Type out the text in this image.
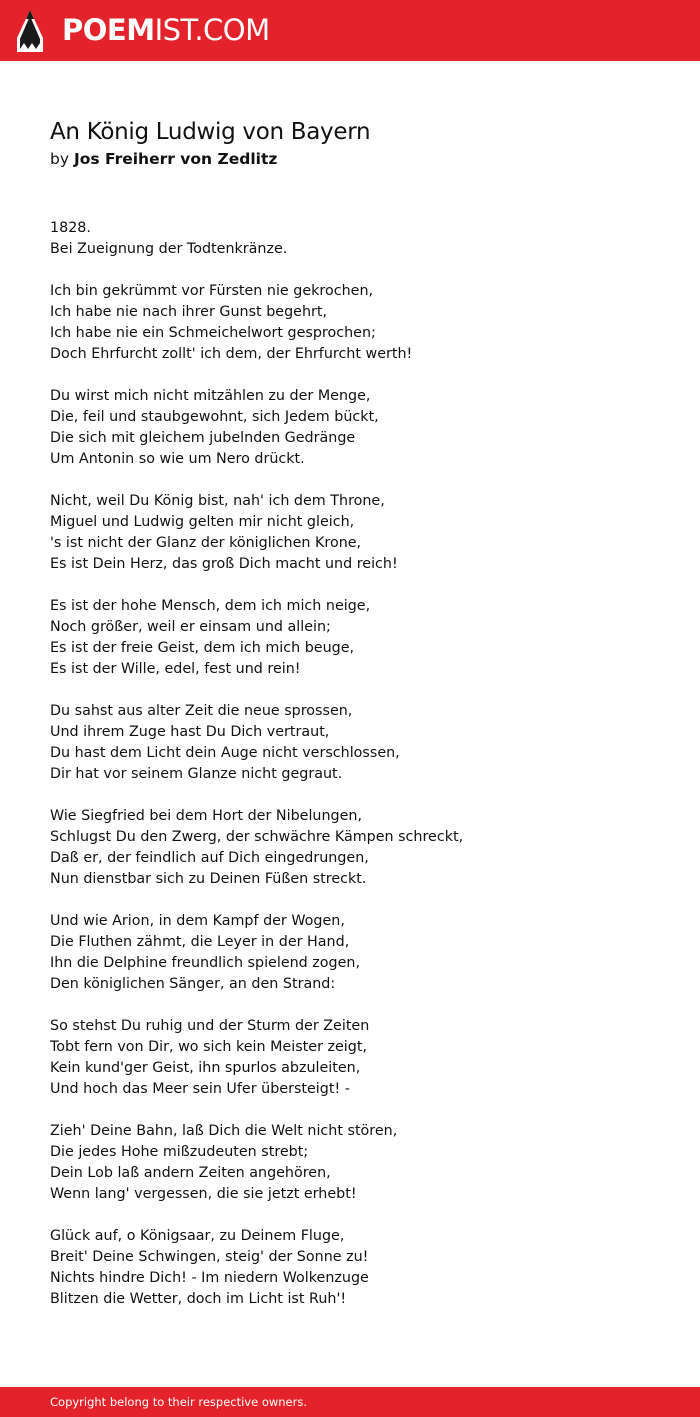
POEMIST.COM
An König Ludwig von Bayern
by Jos Freiherr von Zedlitz
1828.
Bei Zueignung der Todtenkränze.
Ich bin gekrümmt vor Fürsten nie gekrochen,
Ich habe nie nach ihrer Gunst begehrt,
Ich habe nie ein Schmeichelwort gesprochen;
Doch Ehrfurcht zollt' ich dem, der Ehrfurcht werth!
Du wirst mich nicht mitzählen zu der Menge,
Die, feil und staubgewohnt, sich Jedem bückt,
Die sich mit gleichem jubelnden Gedränge
Um Antonin so wie um Nero drückt.
Nicht, weil Du König bist, nah' ich dem Throne,
Miguel und Ludwig gelten mir nicht gleich,
's ist nicht der Glanz der königlichen Krone,
Es ist Dein Herz, das groß Dich macht und reich!
Es ist der hohe Mensch, dem ich mich neige,
Noch größer, weil er einsam und allein;
Es ist der freie Geist, dem ich mich beuge,
Es ist der Wille, edel, fest und rein!
Du sahst aus alter Zeit die neue sprossen,
Und ihrem Zuge hast Du Dich vertraut,
Du hast dem Licht dein Auge nicht verschlossen,
Dir hat vor seinem Glanze nicht gegraut.
Wie Siegfried bei dem Hort der Nibelungen,
Schlugst Du den Zwerg, der schwächre Kämpen schreckt,
Daß er, der feindlich auf Dich eingedrungen,
Nun dienstbar sich zu Deinen Füßen streckt.
Und wie Arion, in dem Kampf der Wogen,
Die Fluthen zähmt, die Leyer in der Hand,
Ihn die Delphine freundlich spielend zogen,
Den königlichen Sänger, an den Strand:
So stehst Du ruhig und der Sturm der Zeiten
Tobt fern von Dir, wo sich kein Meister zeigt,
Kein kund'ger Geist, ihn spurlos abzuleiten,
Und hoch das Meer sein Ufer übersteigt! -
Zieh' Deine Bahn, laß Dich die Welt nicht stören,
Die jedes Hohe mißzudeuten strebt;
Dein Lob laß andern Zeiten angehören,
Wenn lang' vergessen, die sie jetzt erhebt!
Glück auf, o Königsaar, zu Deinem Fluge,
Breit' Deine Schwingen, steig' der Sonne zu!
Nichts hindre Dich! - Im niedern Wolkenzuge
Blitzen die Wetter, doch im Licht ist Ruh'!
Copyright belong to their respective owners.
